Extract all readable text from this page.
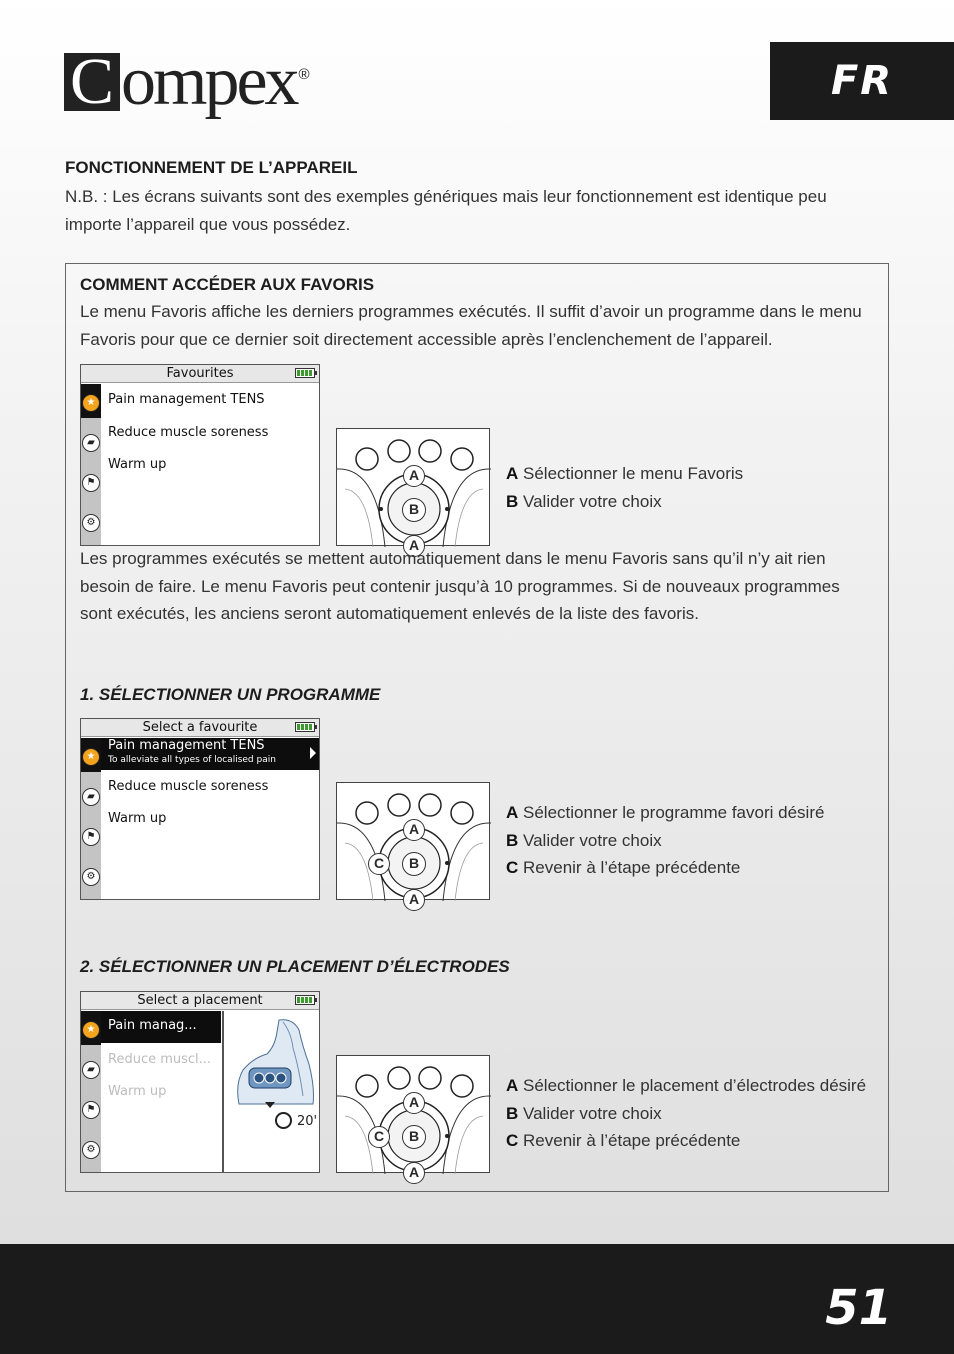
C ompex ®	FR
FONCTIONNEMENT DE L’APPAREIL
N.B. : Les écrans suivants sont des exemples génériques mais leur fonctionnement est identique peu importe l’appareil que vous possédez.
COMMENT ACCÉDER AUX FAVORIS
Le menu Favoris affiche les derniers programmes exécutés. Il suffit d’avoir un programme dans le menu Favoris pour que ce dernier soit directement accessible après l’enclenchement de l’appareil.
Favourites
★
▰
⚑
⚙
Pain management TENS
Reduce muscle soreness
Warm up
A
B
A
A Sélectionner le menu Favoris
B Valider votre choix
Les programmes exécutés se mettent automatiquement dans le menu Favoris sans qu’il n’y ait rien besoin de faire. Le menu Favoris peut contenir jusqu’à 10 programmes. Si de nouveaux programmes sont exécutés, les anciens seront automatiquement enlevés de la liste des favoris.
1. SÉLECTIONNER UN PROGRAMME
Select a favourite
★
▰
⚑
⚙
Pain management TENS
To alleviate all types of localised pain
Reduce muscle soreness
Warm up
A
C	B
A
A Sélectionner le programme favori désiré
B Valider votre choix
C Revenir à l’étape précédente
2. SÉLECTIONNER UN PLACEMENT D’ÉLECTRODES
Select a placement
★
▰
⚑
⚙
Pain manag...
Reduce muscl...
Warm up
20'
A
C	B
A
A Sélectionner le placement d’électrodes désiré
B Valider votre choix
C Revenir à l’étape précédente
51
